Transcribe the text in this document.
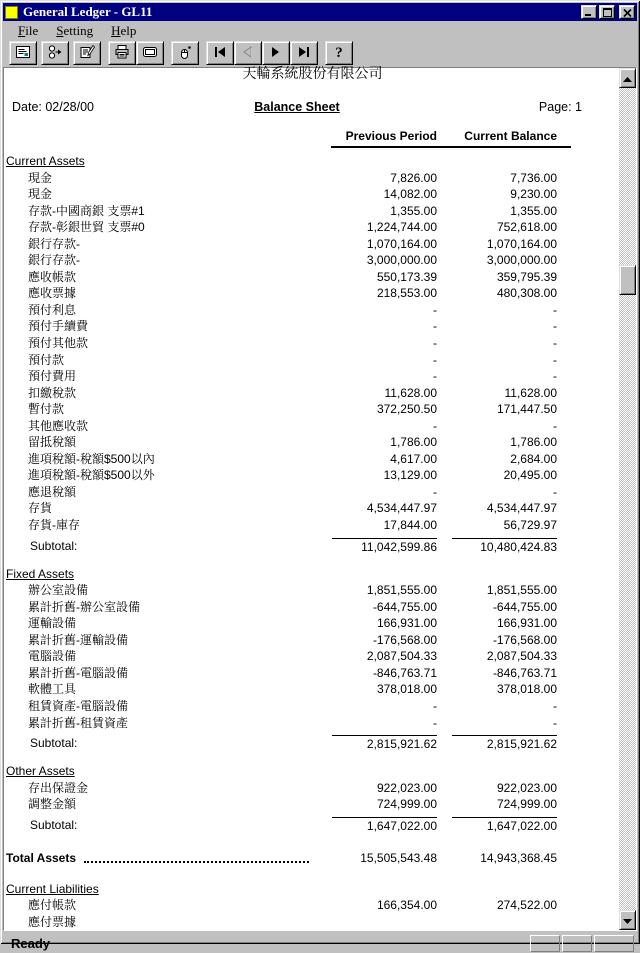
General Ledger - GL11
File	Setting	Help
?
天輪系統股份有限公司
Date: 02/28/00	Balance Sheet	Page: 1
Previous Period	Current Balance
Current Assets
現金	7,826.00	7,736.00
現金	14,082.00	9,230.00
存款-中國商銀 支票#1	1,355.00	1,355.00
存款-彰銀世貿 支票#0	1,224,744.00	752,618.00
銀行存款-	1,070,164.00	1,070,164.00
銀行存款-	3,000,000.00	3,000,000.00
應收帳款	550,173.39	359,795.39
應收票據	218,553.00	480,308.00
預付利息	-	-
預付手續費	-	-
預付其他款	-	-
預付款	-	-
預付費用	-	-
扣繳稅款	11,628.00	11,628.00
暫付款	372,250.50	171,447.50
其他應收款	-	-
留抵稅額	1,786.00	1,786.00
進項稅額-稅額$500以內	4,617.00	2,684.00
進項稅額-稅額$500以外	13,129.00	20,495.00
應退稅額	-	-
存貨	4,534,447.97	4,534,447.97
存貨-庫存	17,844.00	56,729.97
Subtotal:	11,042,599.86	10,480,424.83
Fixed Assets
辦公室設備	1,851,555.00	1,851,555.00
累計折舊-辦公室設備	-644,755.00	-644,755.00
運輸設備	166,931.00	166,931.00
累計折舊-運輸設備	-176,568.00	-176,568.00
電腦設備	2,087,504.33	2,087,504.33
累計折舊-電腦設備	-846,763.71	-846,763.71
軟體工具	378,018.00	378,018.00
租賃資產-電腦設備	-	-
累計折舊-租賃資產	-	-
Subtotal:	2,815,921.62	2,815,921.62
Other Assets
存出保證金	922,023.00	922,023.00
調整金額	724,999.00	724,999.00
Subtotal:	1,647,022.00	1,647,022.00
Total Assets	15,505,543.48	14,943,368.45
Current Liabilities
應付帳款	166,354.00	274,522.00
應付票據
Ready
